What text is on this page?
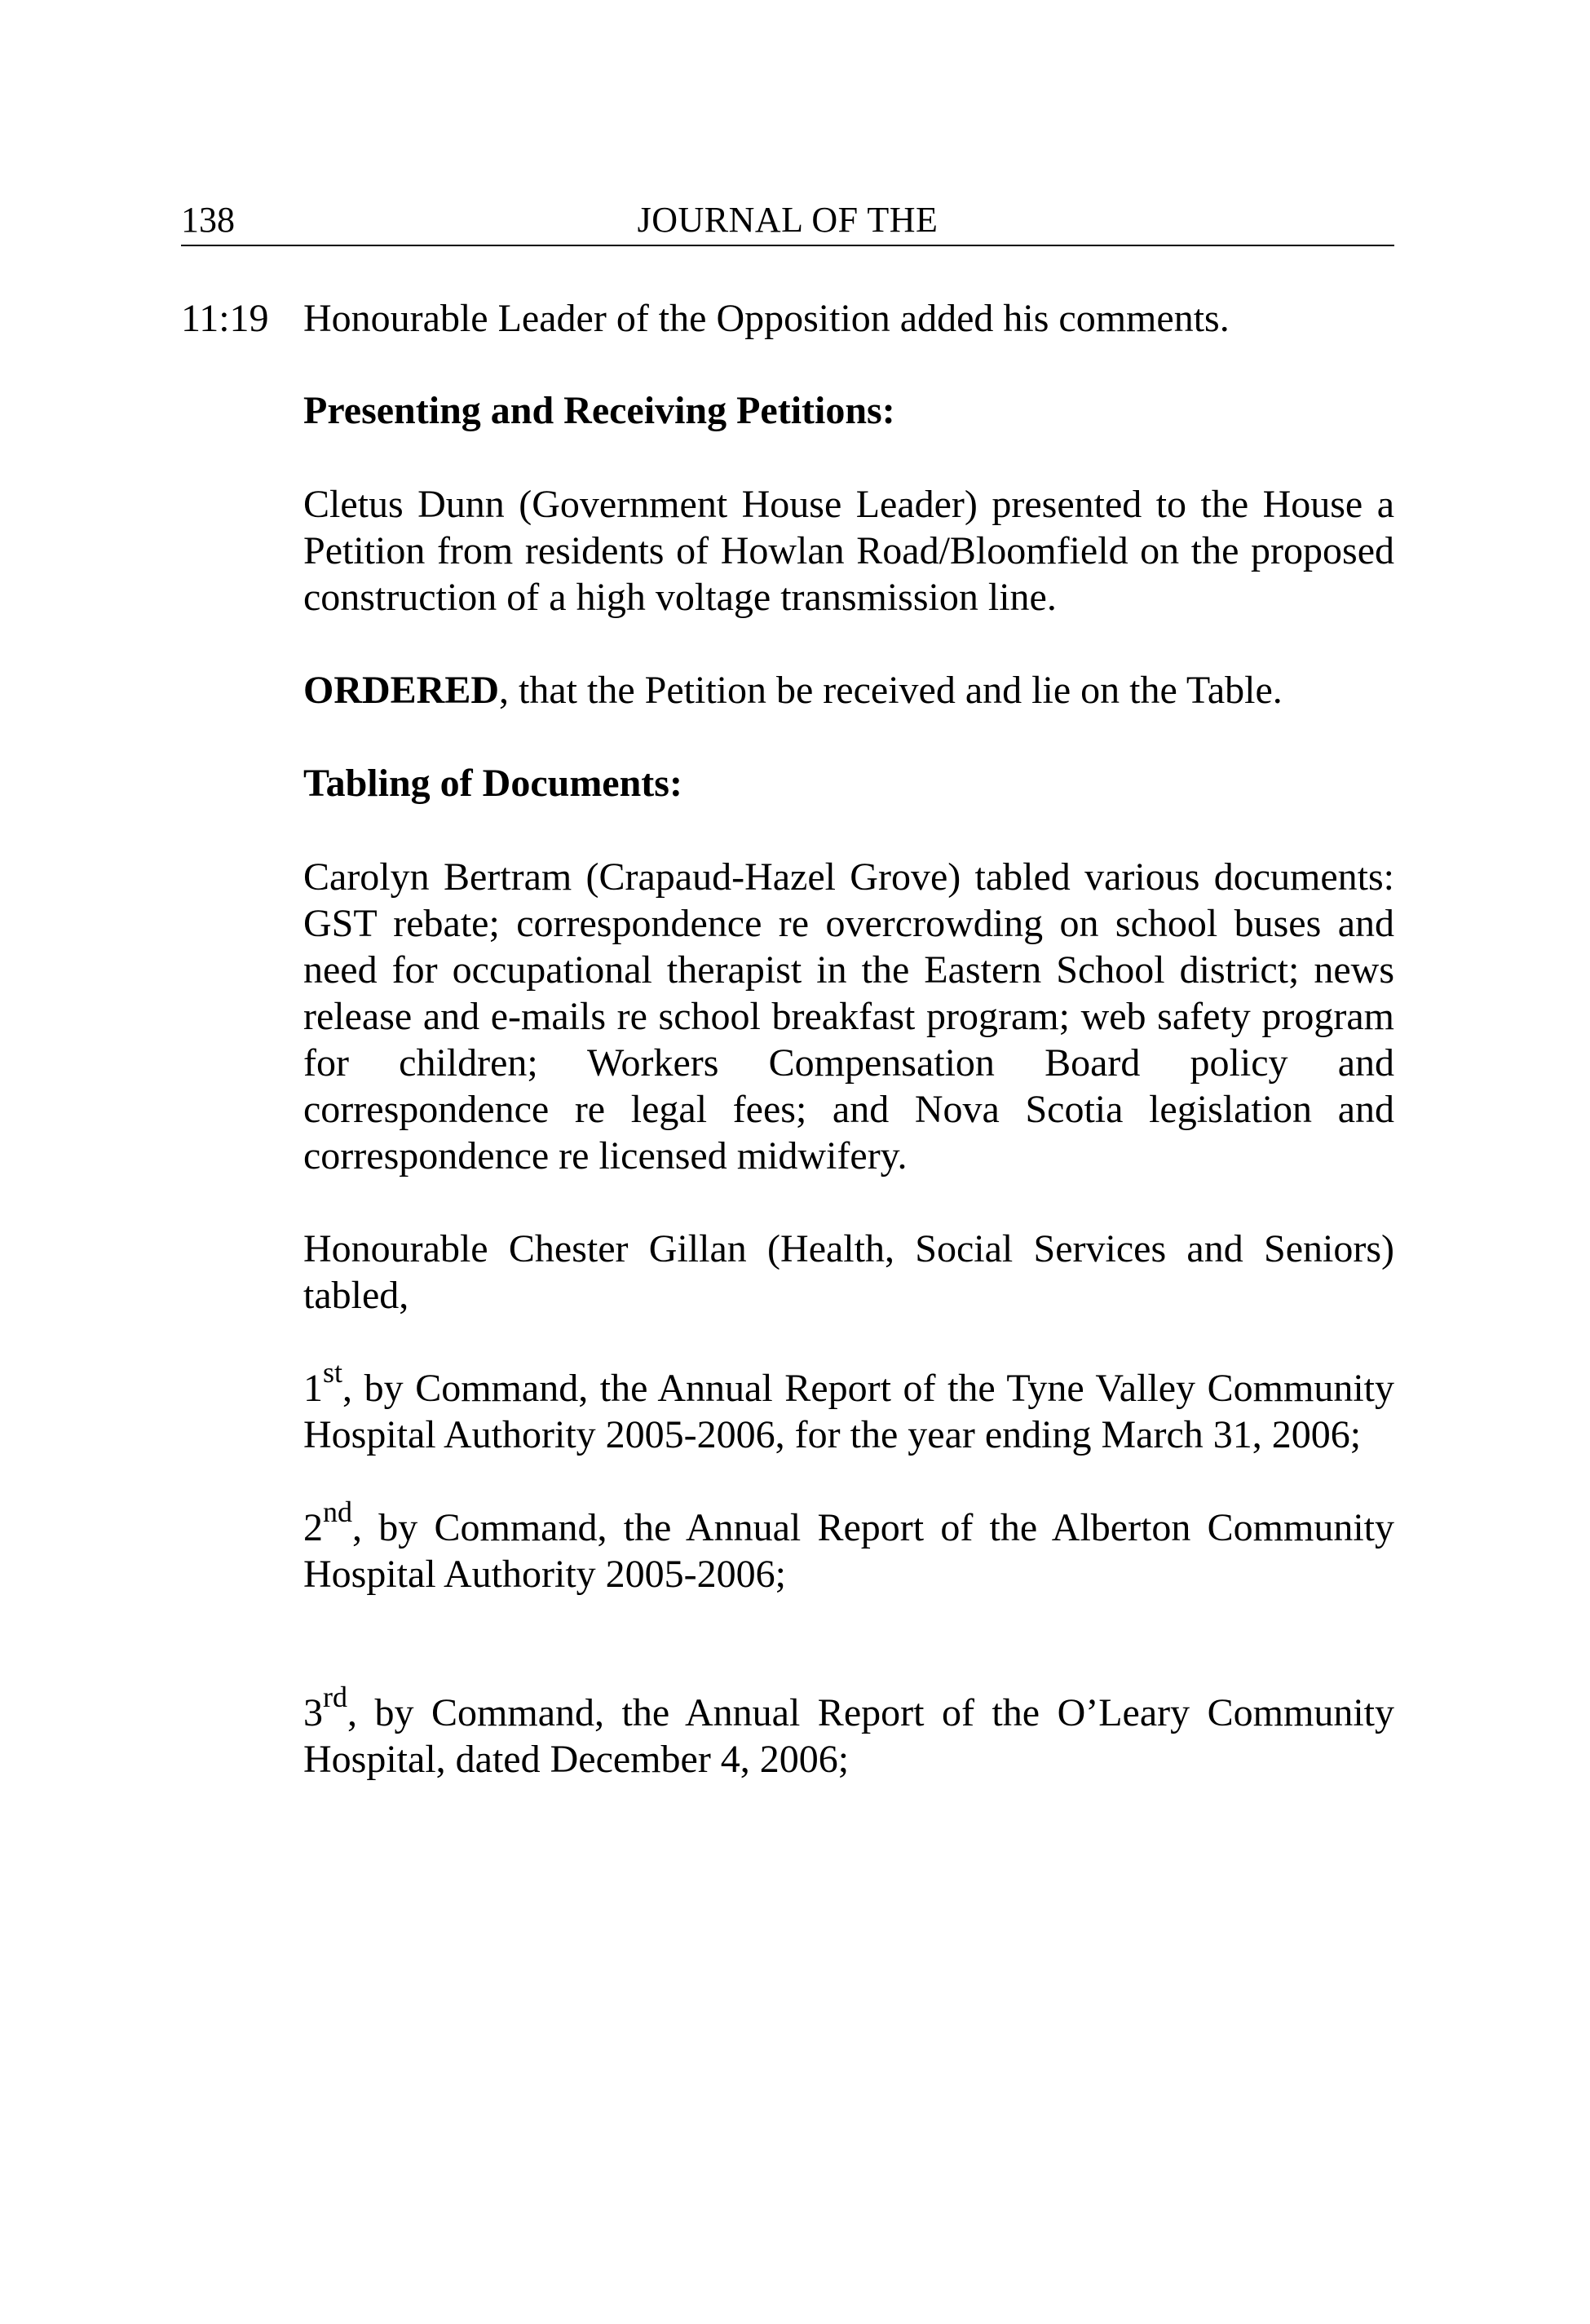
138	JOURNAL OF THE
11:19 Honourable Leader of the Opposition added his comments.

Presenting and Receiving Petitions:

Cletus Dunn (Government House Leader) presented to the House a Petition from residents of Howlan Road/Bloomfield on the proposed construction of a high voltage transmission line.

ORDERED, that the Petition be received and lie on the Table.

Tabling of Documents:

Carolyn Bertram (Crapaud-Hazel Grove) tabled various documents: GST rebate; correspondence re overcrowding on school buses and need for occupational therapist in the Eastern School district; news release and e-mails re school breakfast program; web safety program for children; Workers Compensation Board policy and correspondence re legal fees; and Nova Scotia legislation and correspondence re licensed midwifery.

Honourable Chester Gillan (Health, Social Services and Seniors) tabled,

1st, by Command, the Annual Report of the Tyne Valley Community Hospital Authority 2005-2006, for the year ending March 31, 2006;

2nd, by Command, the Annual Report of the Alberton Community Hospital Authority 2005-2006;

3rd, by Command, the Annual Report of the O’Leary Community Hospital, dated December 4, 2006;
